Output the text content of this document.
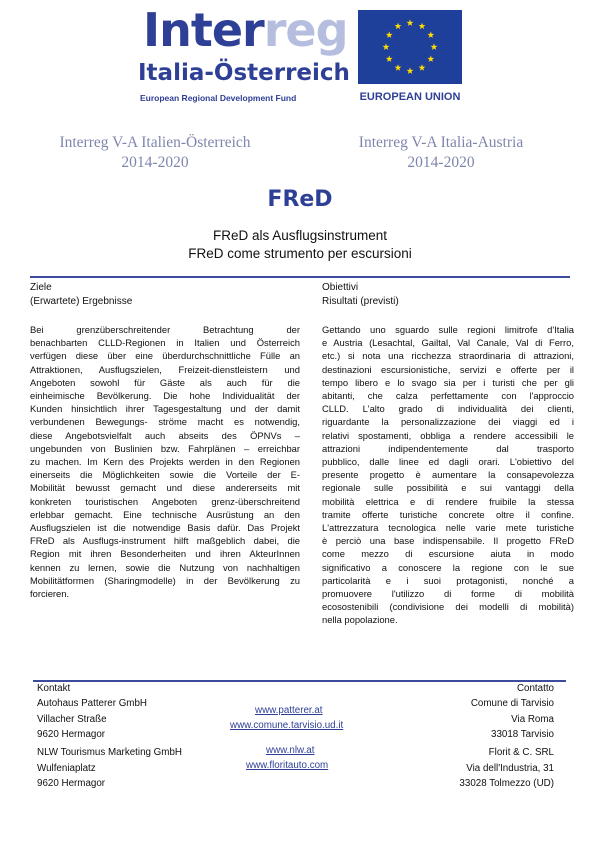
Interreg
Italia-Österreich
European Regional Development Fund	EUROPEAN UNION
Interreg V-A Italien-Österreich
2014-2020
Interreg V-A Italia-Austria
2014-2020
FReD
FReD als Ausflugsinstrument
FReD come strumento per escursioni
Ziele
(Erwartete) Ergebnisse
Bei grenzüberschreitender Betrachtung der
benachbarten CLLD-Regionen in Italien und Österreich
verfügen diese über eine überdurchschnittliche Fülle an
Attraktionen, Ausflugszielen, Freizeit-dienstleistern und
Angeboten sowohl für Gäste als auch für die
einheimische Bevölkerung. Die hohe Individualität der
Kunden hinsichtlich ihrer Tagesgestaltung und der damit
verbundenen Bewegungs- ströme macht es notwendig,
diese Angebotsvielfalt auch abseits des ÖPNVs –
ungebunden von Buslinien bzw. Fahrplänen – erreichbar
zu machen. Im Kern des Projekts werden in den Regionen
einerseits die Möglichkeiten sowie die Vorteile der E-
Mobilität bewusst gemacht und diese andererseits mit
konkreten touristischen Angeboten grenz-überschreitend
erlebbar gemacht. Eine technische Ausrüstung an den
Ausflugszielen ist die notwendige Basis dafür. Das Projekt
FReD als Ausflugs-instrument hilft maßgeblich dabei, die
Region mit ihren Besonderheiten und ihren AkteurInnen
kennen zu lernen, sowie die Nutzung von nachhaltigen
Mobilitätformen (Sharingmodelle) in der Bevölkerung zu
forcieren.
Obiettivi
Risultati (previsti)
Gettando uno sguardo sulle regioni limitrofe d'Italia
e Austria (Lesachtal, Gailtal, Val Canale, Val di Ferro,
etc.) si nota una ricchezza straordinaria di attrazioni,
destinazioni escursionistiche, servizi e offerte per il
tempo libero e lo svago sia per i turisti che per gli
abitanti, che calza perfettamente con l'approccio
CLLD. L'alto grado di individualità dei clienti,
riguardante la personalizzazione dei viaggi ed i
relativi spostamenti, obbliga a rendere accessibili le
attrazioni indipendentemente dal trasporto
pubblico, dalle linee ed dagli orari. L'obiettivo del
presente progetto è aumentare la consapevolezza
regionale sulle possibilità e sui vantaggi della
mobilità elettrica e di rendere fruibile la stessa
tramite offerte turistiche concrete oltre il confine.
L'attrezzatura tecnologica nelle varie mete turistiche
è perciò una base indispensabile. Il progetto FReD
come mezzo di escursione aiuta in modo
significativo a conoscere la regione con le sue
particolarità e i suoi protagonisti, nonché a
promuovere l'utilizzo di forme di mobilità
ecosostenibili (condivisione dei modelli di mobilità)
nella popolazione.
Kontakt	Contatto
Autohaus Patterer GmbH
Villacher Straße
9620 Hermagor
www.patterer.at
www.comune.tarvisio.ud.it
Comune di Tarvisio
Via Roma
33018 Tarvisio
NLW Tourismus Marketing GmbH
Wulfeniaplatz
9620 Hermagor
www.nlw.at
www.floritauto.com
Florit & C. SRL
Via dell'Industria, 31
33028 Tolmezzo (UD)
